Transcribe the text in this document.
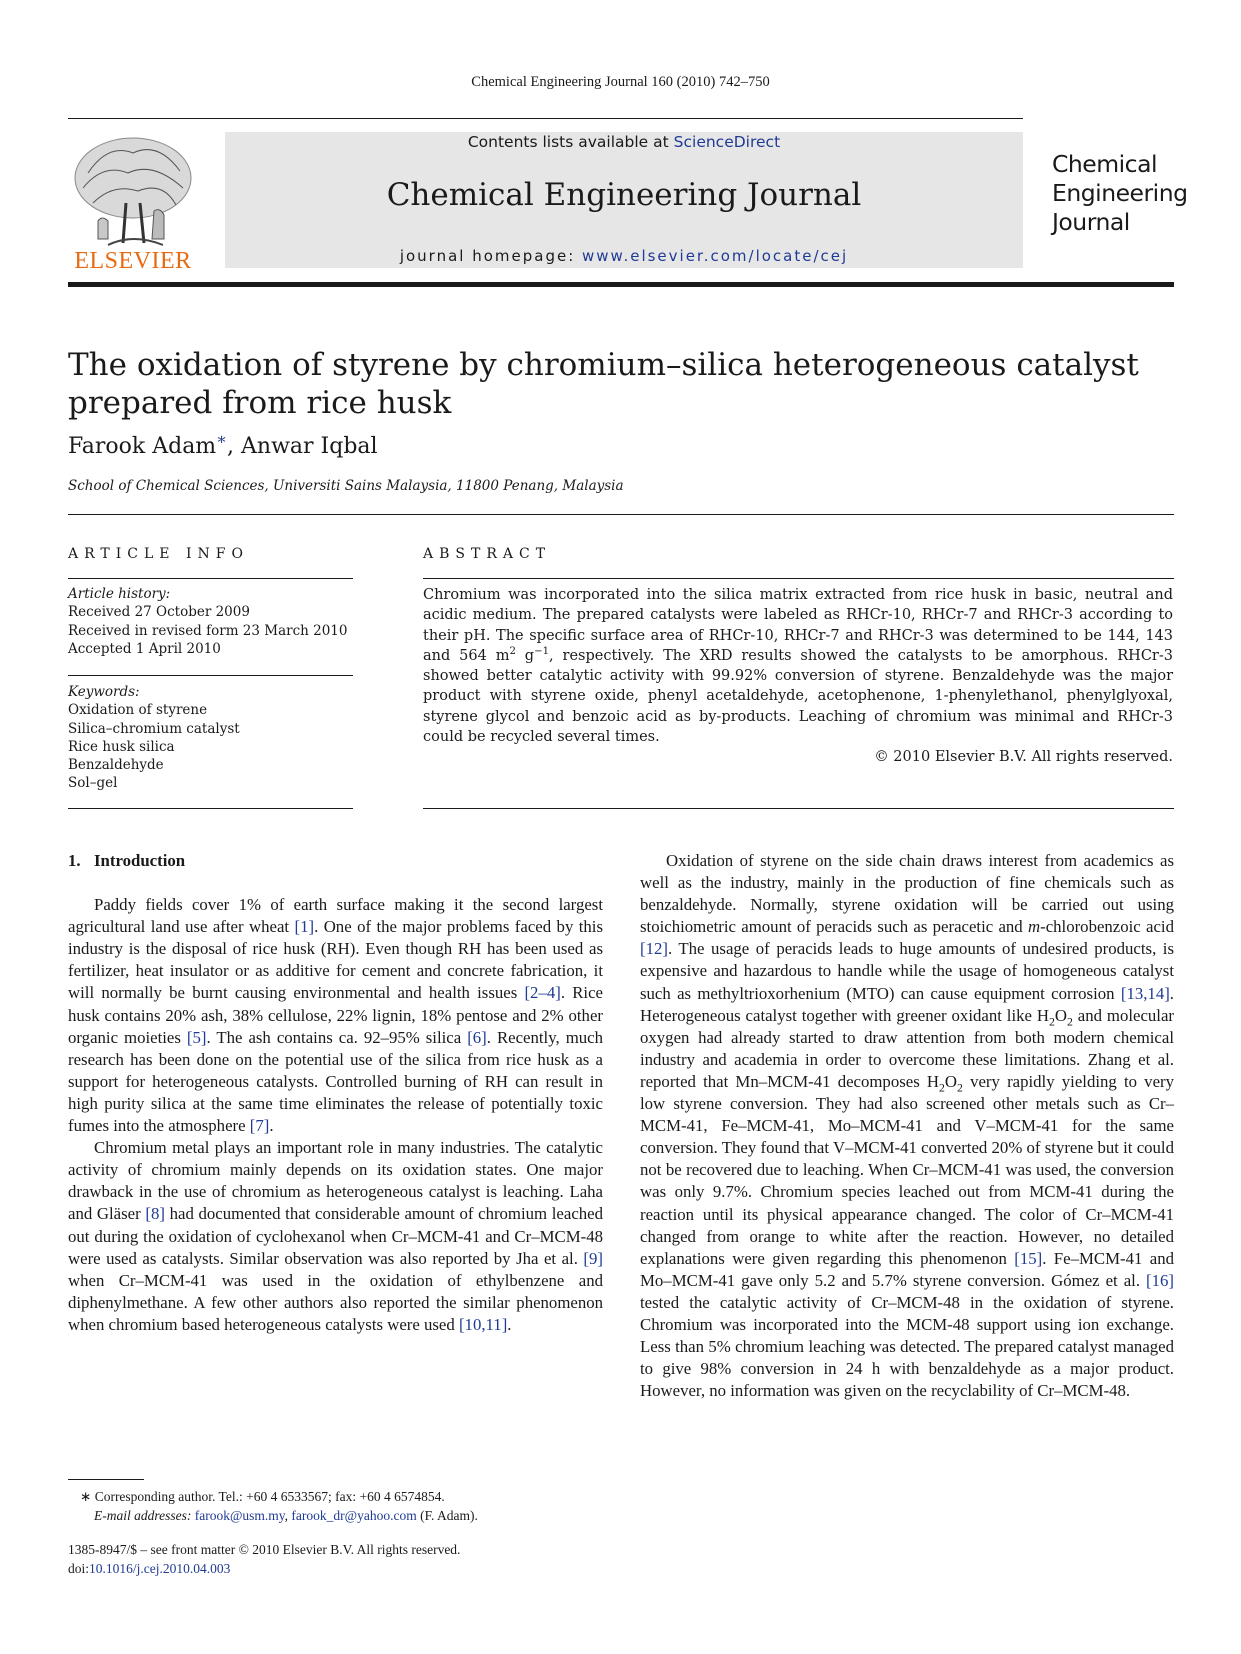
Chemical Engineering Journal 160 (2010) 742–750
ELSEVIER
Contents lists available at ScienceDirect
Chemical Engineering Journal
journal homepage: www.elsevier.com/locate/cej
Chemical
Engineering
Journal
The oxidation of styrene by chromium–silica heterogeneous catalyst prepared from rice husk
Farook Adam∗, Anwar Iqbal
School of Chemical Sciences, Universiti Sains Malaysia, 11800 Penang, Malaysia
ARTICLE INFO
Article history:
Received 27 October 2009
Received in revised form 23 March 2010
Accepted 1 April 2010
Keywords:
Oxidation of styrene
Silica–chromium catalyst
Rice husk silica
Benzaldehyde
Sol–gel
ABSTRACT
Chromium was incorporated into the silica matrix extracted from rice husk in basic, neutral and acidic medium. The prepared catalysts were labeled as RHCr-10, RHCr-7 and RHCr-3 according to their pH. The specific surface area of RHCr-10, RHCr-7 and RHCr-3 was determined to be 144, 143 and 564 $m^2$ $g^{-1}$, respectively. The XRD results showed the catalysts to be amorphous. RHCr-3 showed better catalytic activity with 99.92% conversion of styrene. Benzaldehyde was the major product with styrene oxide, phenyl acetaldehyde, acetophenone, 1-phenylethanol, phenylglyoxal, styrene glycol and benzoic acid as by-products. Leaching of chromium was minimal and RHCr-3 could be recycled several times.
© 2010 Elsevier B.V. All rights reserved.

1. Introduction

Paddy fields cover 1% of earth surface making it the second largest agricultural land use after wheat [1]. One of the major problems faced by this industry is the disposal of rice husk (RH). Even though RH has been used as fertilizer, heat insulator or as additive for cement and concrete fabrication, it will normally be burnt causing environmental and health issues [2–4]. Rice husk contains 20% ash, 38% cellulose, 22% lignin, 18% pentose and 2% other organic moieties [5]. The ash contains ca. 92–95% silica [6]. Recently, much research has been done on the potential use of the silica from rice husk as a support for heterogeneous catalysts. Controlled burning of RH can result in high purity silica at the same time eliminates the release of potentially toxic fumes into the atmosphere [7].

Chromium metal plays an important role in many industries. The catalytic activity of chromium mainly depends on its oxidation states. One major drawback in the use of chromium as heterogeneous catalyst is leaching. Laha and Gläser [8] had documented that considerable amount of chromium leached out during the oxidation of cyclohexanol when Cr–MCM-41 and Cr–MCM-48 were used as catalysts. Similar observation was also reported by Jha et al. [9] when Cr–MCM-41 was used in the oxidation of ethylbenzene and diphenylmethane. A few other authors also reported the similar phenomenon when chromium based heterogeneous catalysts were used [10,11].

Oxidation of styrene on the side chain draws interest from academics as well as the industry, mainly in the production of fine chemicals such as benzaldehyde. Normally, styrene oxidation will be carried out using stoichiometric amount of peracids such as peracetic and m-chlorobenzoic acid [12]. The usage of peracids leads to huge amounts of undesired products, is expensive and hazardous to handle while the usage of homogeneous catalyst such as methyltrioxorhenium (MTO) can cause equipment corrosion [13,14]. Heterogeneous catalyst together with greener oxidant like $H_2O_2$ and molecular oxygen had already started to draw attention from both modern chemical industry and academia in order to overcome these limitations. Zhang et al. reported that Mn–MCM-41 decomposes $H_2O_2$ very rapidly yielding to very low styrene conversion. They had also screened other metals such as Cr–MCM-41, Fe–MCM-41, Mo–MCM-41 and V–MCM-41 for the same conversion. They found that V–MCM-41 converted 20% of styrene but it could not be recovered due to leaching. When Cr–MCM-41 was used, the conversion was only 9.7%. Chromium species leached out from MCM-41 during the reaction until its physical appearance changed. The color of Cr–MCM-41 changed from orange to white after the reaction. However, no detailed explanations were given regarding this phenomenon [15]. Fe–MCM-41 and Mo–MCM-41 gave only 5.2 and 5.7% styrene conversion. Gómez et al. [16] tested the catalytic activity of Cr–MCM-48 in the oxidation of styrene. Chromium was incorporated into the MCM-48 support using ion exchange. Less than 5% chromium leaching was detected. The prepared catalyst managed to give 98% conversion in 24 h with benzaldehyde as a major product. However, no information was given on the recyclability of Cr–MCM-48.

∗ Corresponding author. Tel.: +60 4 6533567; fax: +60 4 6574854.
E-mail addresses: farook@usm.my, farook_dr@yahoo.com (F. Adam).
1385-8947/$ – see front matter © 2010 Elsevier B.V. All rights reserved.
doi:10.1016/j.cej.2010.04.003
